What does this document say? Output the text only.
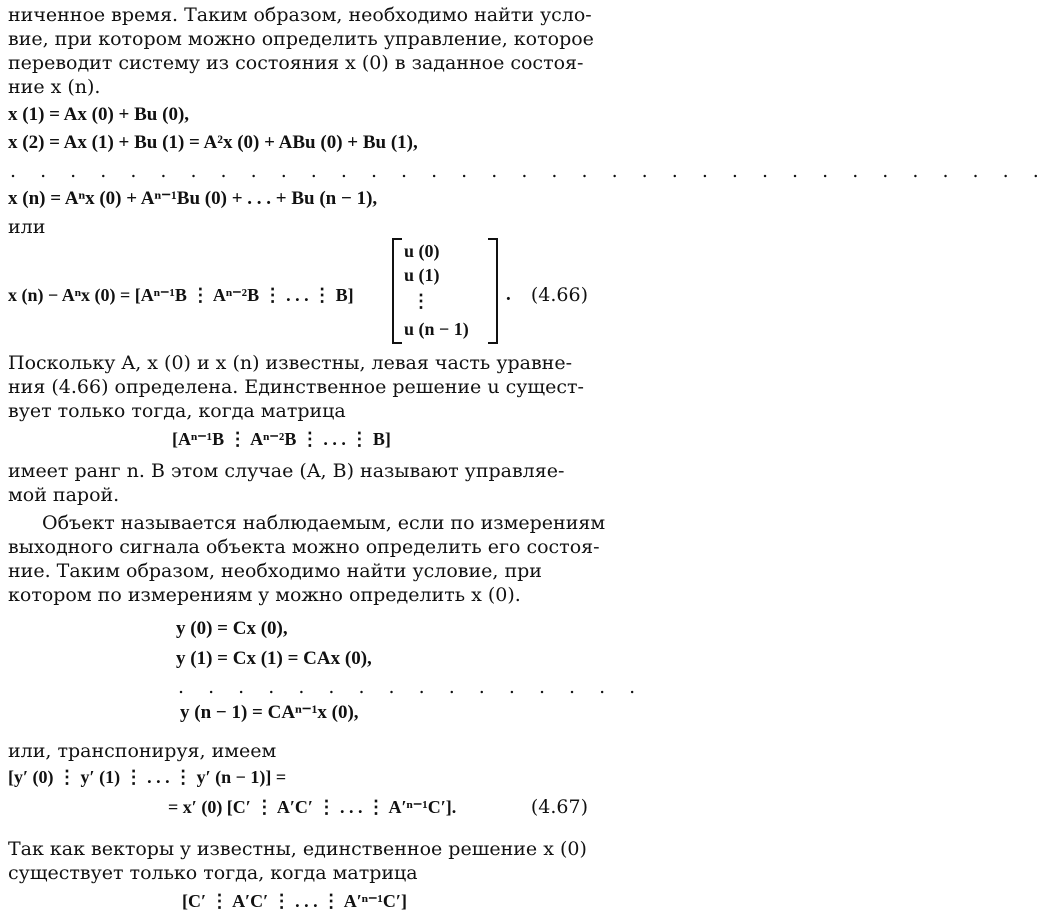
ниченное время. Таким образом, необходимо найти усло-
вие, при котором можно определить управление, которое
переводит систему из состояния x (0) в заданное состоя-
ние x (n).
x (1) = Ax (0) + Bu (0),
x (2) = Ax (1) + Bu (1) = A²x (0) + ABu (0) + Bu (1),
. . . . . . . . . . . . . . . . . . . . . . . . . . . . . . . . . . .
x (n) = Aⁿx (0) + Aⁿ⁻¹Bu (0) + . . . + Bu (n − 1),
или
x (n) − Aⁿx (0) = [Aⁿ⁻¹B ⋮ Aⁿ⁻²B ⋮ . . . ⋮ B]
u (0)
u (1)
⋮
u (n − 1)
. (4.66)
Поскольку A, x (0) и x (n) известны, левая часть уравне-
ния (4.66) определена. Единственное решение u сущест-
вует только тогда, когда матрица
[Aⁿ⁻¹B ⋮ Aⁿ⁻²B ⋮ . . . ⋮ B]
имеет ранг n. В этом случае (A, B) называют управляе-
мой парой.
Объект называется наблюдаемым, если по измерениям
выходного сигнала объекта можно определить его состоя-
ние. Таким образом, необходимо найти условие, при
котором по измерениям y можно определить x (0).
y (0) = Cx (0),
y (1) = Cx (1) = CAx (0),
. . . . . . . . . . . . . . . .
y (n − 1) = CAⁿ⁻¹x (0),
или, транспонируя, имеем
[y′ (0) ⋮ y′ (1) ⋮ . . . ⋮ y′ (n − 1)] =
= x′ (0) [C′ ⋮ A′C′ ⋮ . . . ⋮ A′ⁿ⁻¹C′].	(4.67)
Так как векторы y известны, единственное решение x (0)
существует только тогда, когда матрица
[C′ ⋮ A′C′ ⋮ . . . ⋮ A′ⁿ⁻¹C′]
